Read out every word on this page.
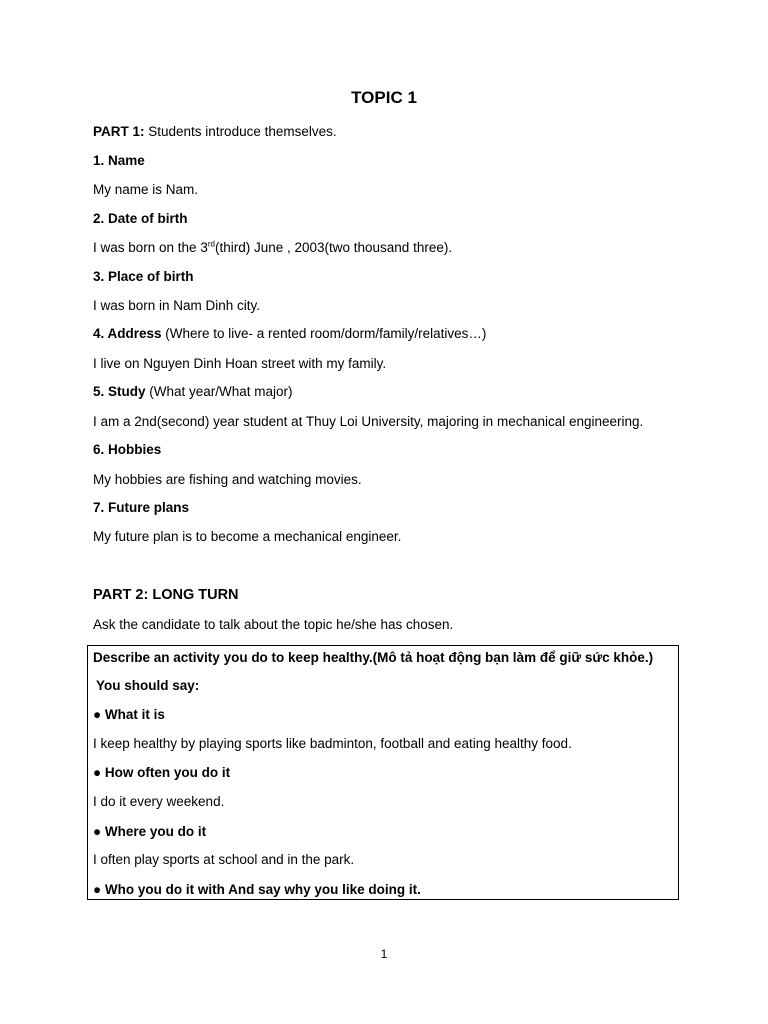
TOPIC 1
PART 1: Students introduce themselves.
1. Name
My name is Nam.
2. Date of birth
I was born on the 3rd(third) June , 2003(two thousand three).
3. Place of birth
I was born in Nam Dinh city.
4. Address (Where to live- a rented room/dorm/family/relatives…)
I live on Nguyen Dinh Hoan street with my family.
5. Study (What year/What major)
I am a 2nd(second) year student at Thuy Loi University, majoring in mechanical engineering.
6. Hobbies
My hobbies are fishing and watching movies.
7. Future plans
My future plan is to become a mechanical engineer.
PART 2: LONG TURN
Ask the candidate to talk about the topic he/she has chosen.
Describe an activity you do to keep healthy.(Mô tả hoạt động bạn làm để giữ sức khỏe.)
You should say:
● What it is
I keep healthy by playing sports like badminton, football and eating healthy food.
● How often you do it
I do it every weekend.
● Where you do it
I often play sports at school and in the park.
● Who you do it with And say why you like doing it.
1
